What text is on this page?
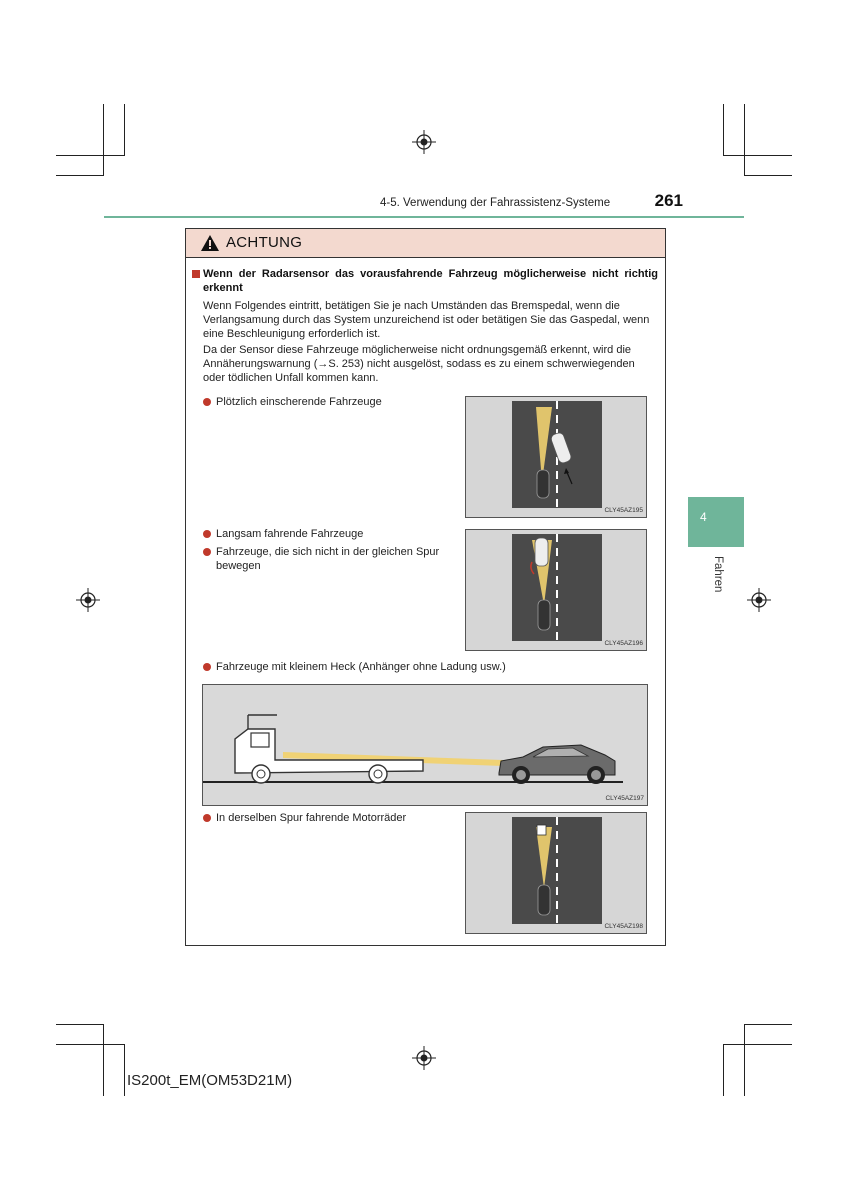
4-5. Verwendung der Fahrassistenz-Systeme	261
4
Fahren
ACHTUNG
Wenn der Radarsensor das vorausfahrende Fahrzeug möglicherweise nicht richtig erkennt
Wenn Folgendes eintritt, betätigen Sie je nach Umständen das Bremspedal, wenn die Verlangsamung durch das System unzureichend ist oder betätigen Sie das Gaspedal, wenn eine Beschleunigung erforderlich ist.
Da der Sensor diese Fahrzeuge möglicherweise nicht ordnungsgemäß erkennt, wird die Annäherungswarnung (→S. 253) nicht ausgelöst, sodass es zu einem schwerwiegenden oder tödlichen Unfall kommen kann.
Plötzlich einscherende Fahrzeuge
CLY45AZ195
Langsam fahrende Fahrzeuge
Fahrzeuge, die sich nicht in der gleichen Spur bewegen
CLY45AZ196
Fahrzeuge mit kleinem Heck (Anhänger ohne Ladung usw.)
CLY45AZ197
In derselben Spur fahrende Motorräder
CLY45AZ198
IS200t_EM(OM53D21M)
